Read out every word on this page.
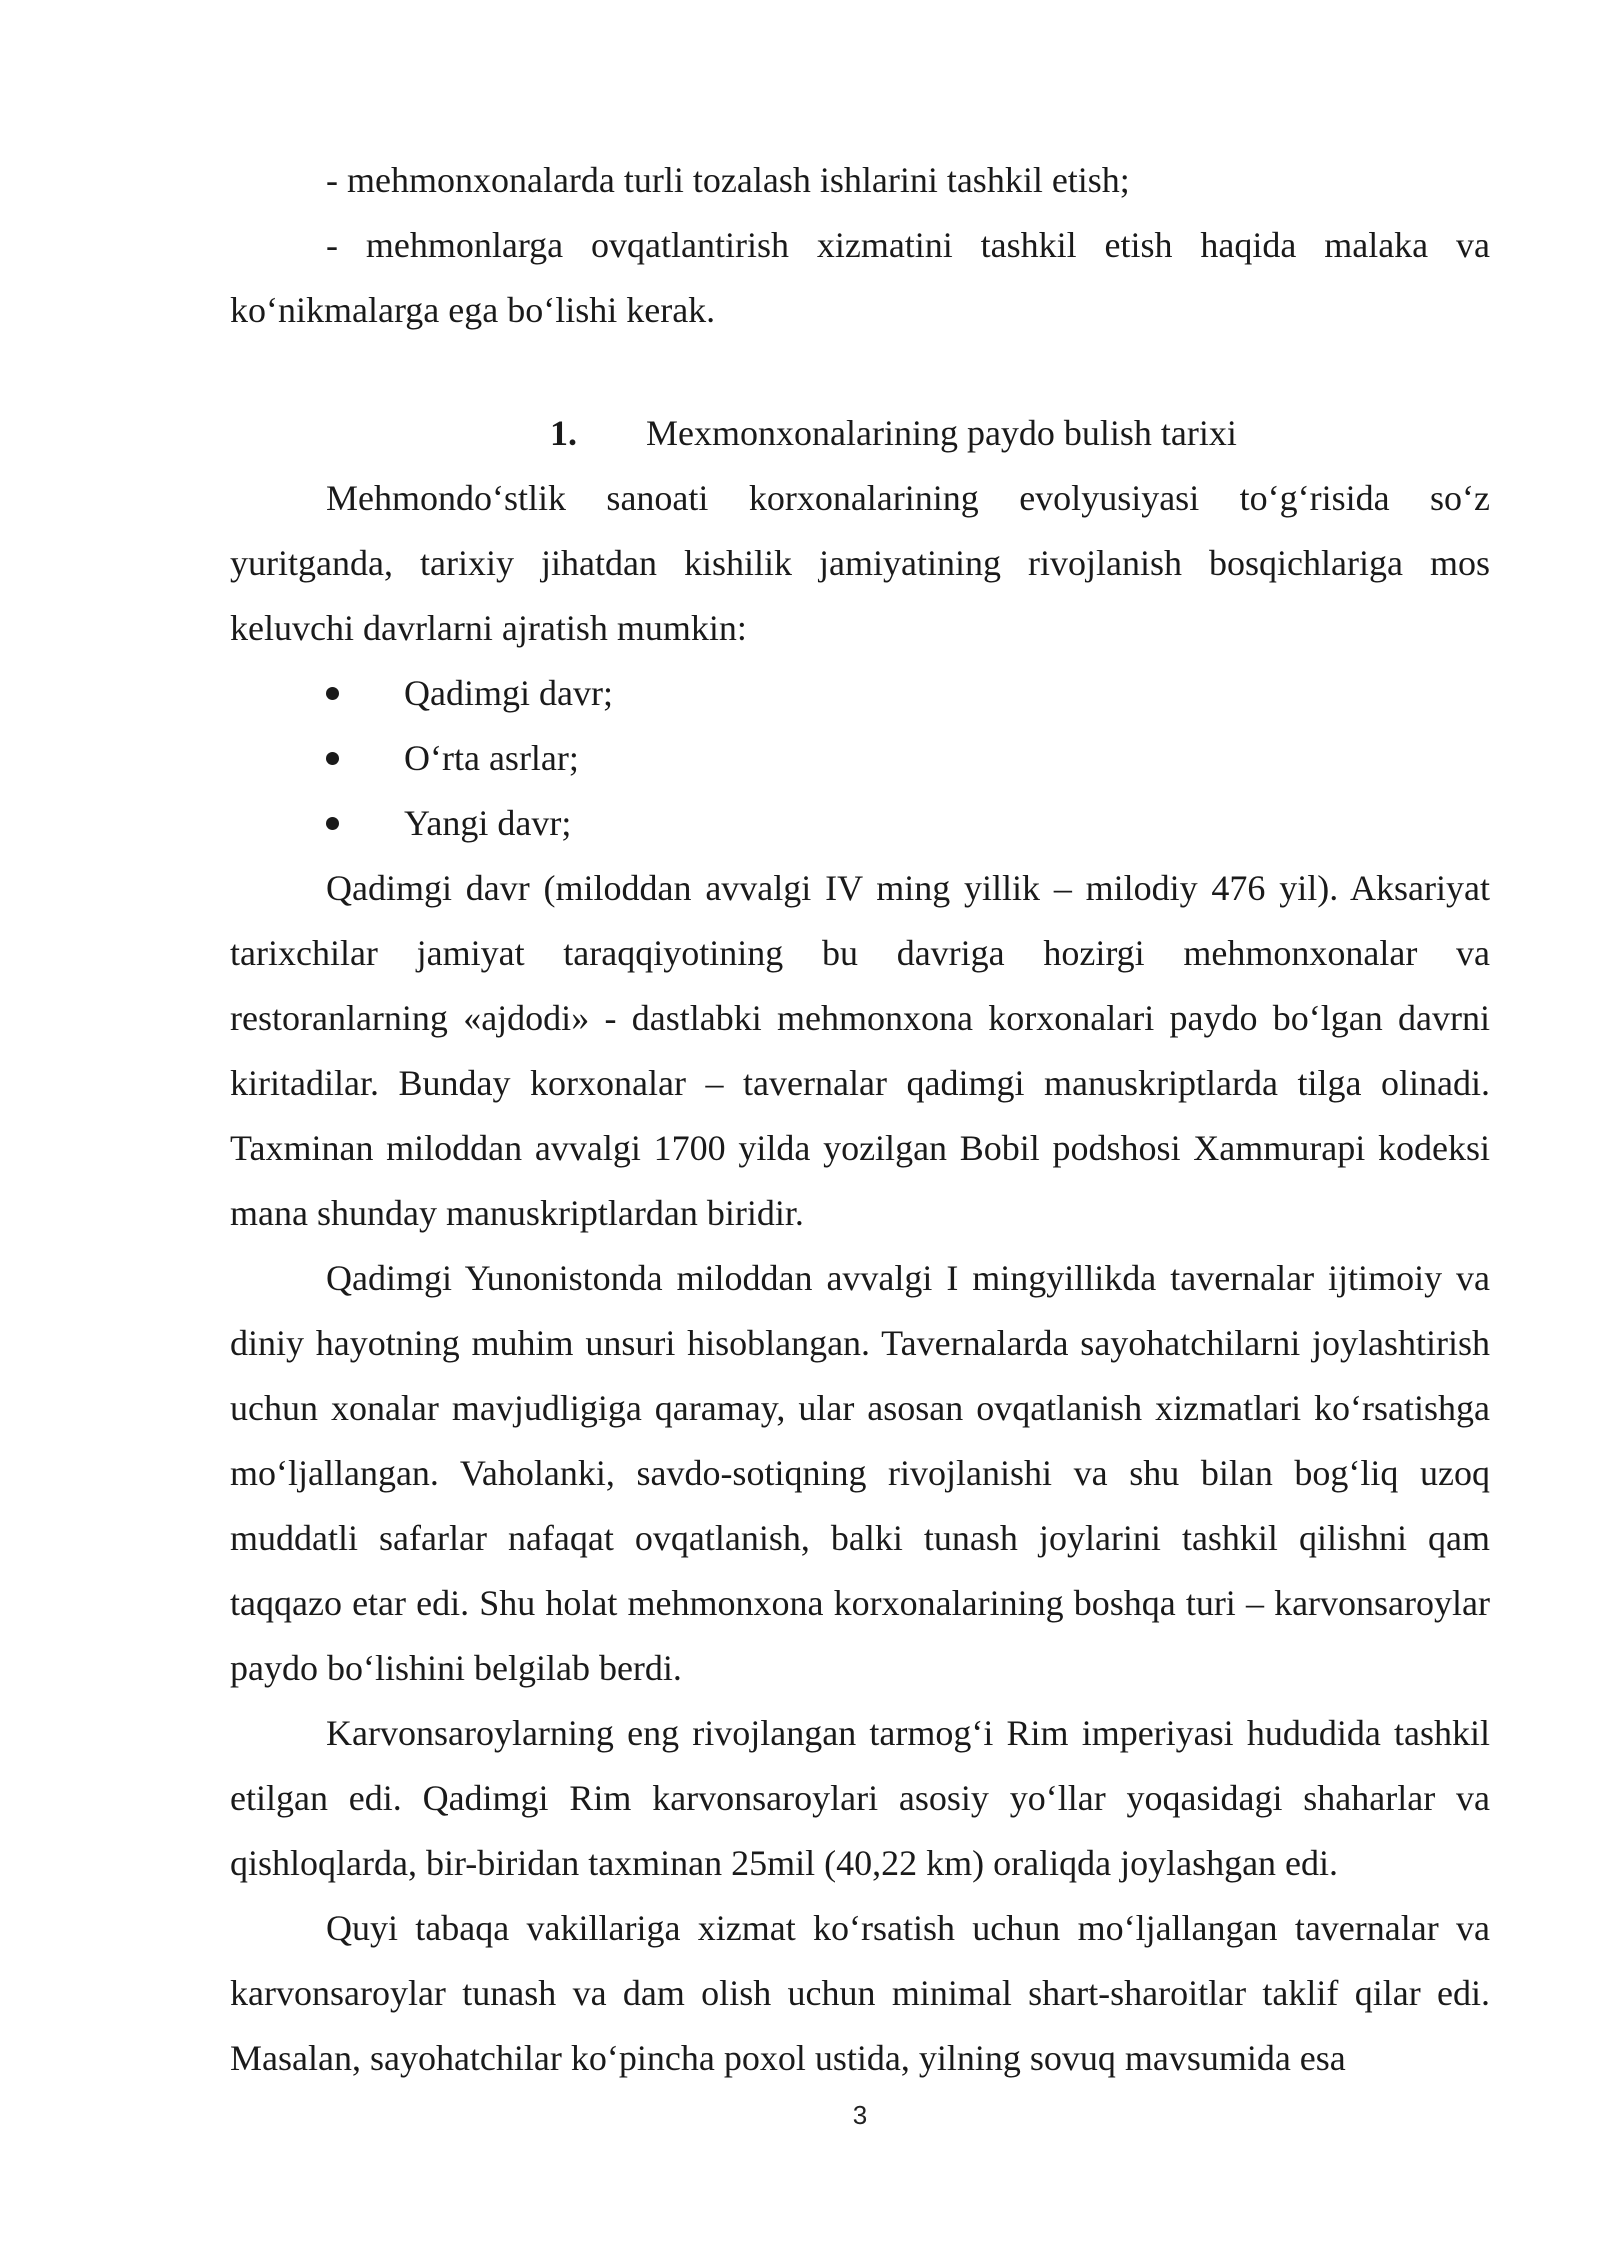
- mehmonxonalarda turli tozalash ishlarini tashkil etish;

- mehmonlarga ovqatlantirish xizmatini tashkil etish haqida malaka va ko‘nikmalarga ega bo‘lishi kerak.

1. Mexmonxonalarining paydo bulish tarixi

Mehmondo‘stlik sanoati korxonalarining evolyusiyasi to‘g‘risida so‘z yuritganda, tarixiy jihatdan kishilik jamiyatining rivojlanish bosqichlariga mos keluvchi davrlarni ajratish mumkin:

Qadimgi davr;
O‘rta asrlar;
Yangi davr;

Qadimgi davr (miloddan avvalgi IV ming yillik – milodiy 476 yil). Aksariyat tarixchilar jamiyat taraqqiyotining bu davriga hozirgi mehmonxonalar va restoranlarning «ajdodi» - dastlabki mehmonxona korxonalari paydo bo‘lgan davrni kiritadilar. Bunday korxonalar – tavernalar qadimgi manuskriptlarda tilga olinadi. Taxminan miloddan avvalgi 1700 yilda yozilgan Bobil podshosi Xammurapi kodeksi mana shunday manuskriptlardan biridir.

Qadimgi Yunonistonda miloddan avvalgi I mingyillikda tavernalar ijtimoiy va diniy hayotning muhim unsuri hisoblangan. Tavernalarda sayohatchilarni joylashtirish uchun xonalar mavjudligiga qaramay, ular asosan ovqatlanish xizmatlari ko‘rsatishga mo‘ljallangan. Vaholanki, savdo-sotiqning rivojlanishi va shu bilan bog‘liq uzoq muddatli safarlar nafaqat ovqatlanish, balki tunash joylarini tashkil qilishni qam taqqazo etar edi. Shu holat mehmonxona korxonalarining boshqa turi – karvonsaroylar paydo bo‘lishini belgilab berdi.

Karvonsaroylarning eng rivojlangan tarmog‘i Rim imperiyasi hududida tashkil etilgan edi. Qadimgi Rim karvonsaroylari asosiy yo‘llar yoqasidagi shaharlar va qishloqlarda, bir-biridan taxminan 25mil (40,22 km) oraliqda joylashgan edi.

Quyi tabaqa vakillariga xizmat ko‘rsatish uchun mo‘ljallangan tavernalar va karvonsaroylar tunash va dam olish uchun minimal shart-sharoitlar taklif qilar edi. Masalan, sayohatchilar ko‘pincha poxol ustida, yilning sovuq mavsumida esa

3
